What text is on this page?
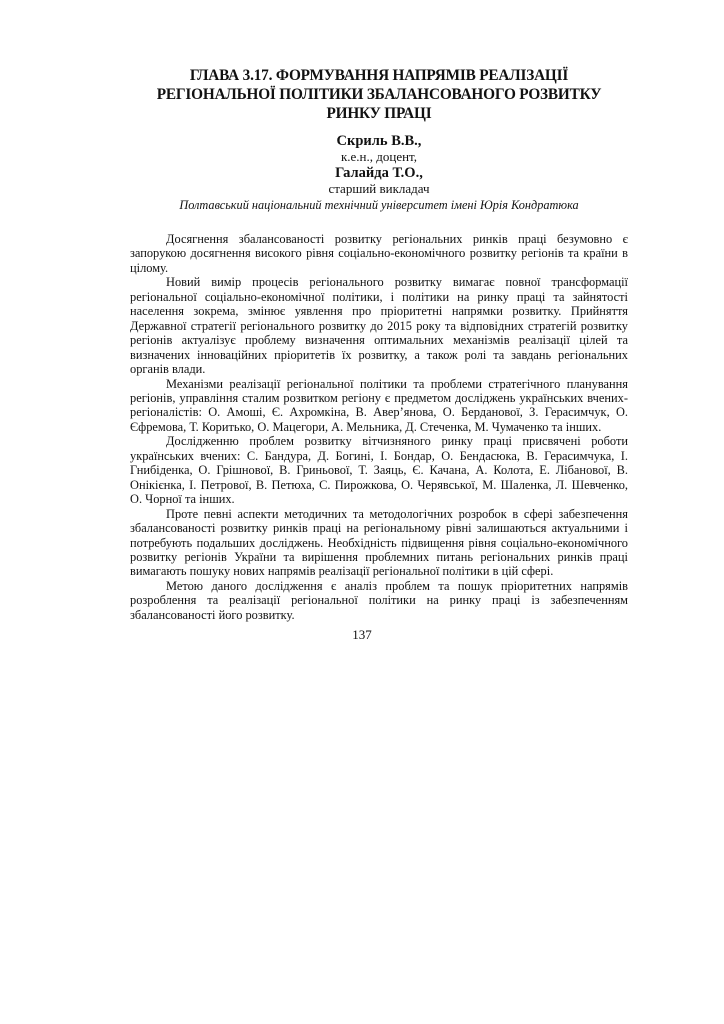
ГЛАВА 3.17. ФОРМУВАННЯ НАПРЯМІВ РЕАЛІЗАЦІЇ РЕГІОНАЛЬНОЇ ПОЛІТИКИ ЗБАЛАНСОВАНОГО РОЗВИТКУ РИНКУ ПРАЦІ
Скриль В.В.,
к.е.н., доцент,
Галайда Т.О.,
старший викладач
Полтавський національний технічний університет імені Юрія Кондратюка

Досягнення збалансованості розвитку регіональних ринків праці безумовно є запорукою досягнення високого рівня соціально-економічного розвитку регіонів та країни в цілому.

Новий вимір процесів регіонального розвитку вимагає повної трансформації регіональної соціально-економічної політики, і політики на ринку праці та зайнятості населення зокрема, змінює уявлення про пріоритетні напрямки розвитку. Прийняття Державної стратегії регіонального розвитку до 2015 року та відповідних стратегій розвитку регіонів актуалізує проблему визначення оптимальних механізмів реалізації цілей та визначених інноваційних пріоритетів їх розвитку, а також ролі та завдань регіональних органів влади.

Механізми реалізації регіональної політики та проблеми стратегічного планування регіонів, управління сталим розвитком регіону є предметом досліджень українських вчених-регіоналістів: О. Амоші, Є. Ахромкіна, В. Авер’янова, О. Берданової, З. Герасимчук, О. Єфремова, Т. Коритько, О. Мацегори, А. Мельника, Д. Стеченка, М. Чумаченко та інших.

Дослідженню проблем розвитку вітчизняного ринку праці присвячені роботи українських вчених: С. Бандура, Д. Богині, І. Бондар, О. Бендасюка, В. Герасимчука, І. Гнибіденка, О. Грішнової, В. Гриньової, Т. Заяць, Є. Качана, А. Колота, Е. Лібанової, В. Онікієнка, І. Петрової, В. Петюха, С. Пирожкова, О. Черявської, М. Шаленка, Л. Шевченко, О. Чорної та інших.

Проте певні аспекти методичних та методологічних розробок в сфері забезпечення збалансованості розвитку ринків праці на регіональному рівні залишаються актуальними і потребують подальших досліджень. Необхідність підвищення рівня соціально-економічного розвитку регіонів України та вирішення проблемних питань регіональних ринків праці вимагають пошуку нових напрямів реалізації регіональної політики в цій сфері.

Метою даного дослідження є аналіз проблем та пошук пріоритетних напрямів розроблення та реалізації регіональної політики на ринку праці із забезпеченням збалансованості його розвитку.

137
